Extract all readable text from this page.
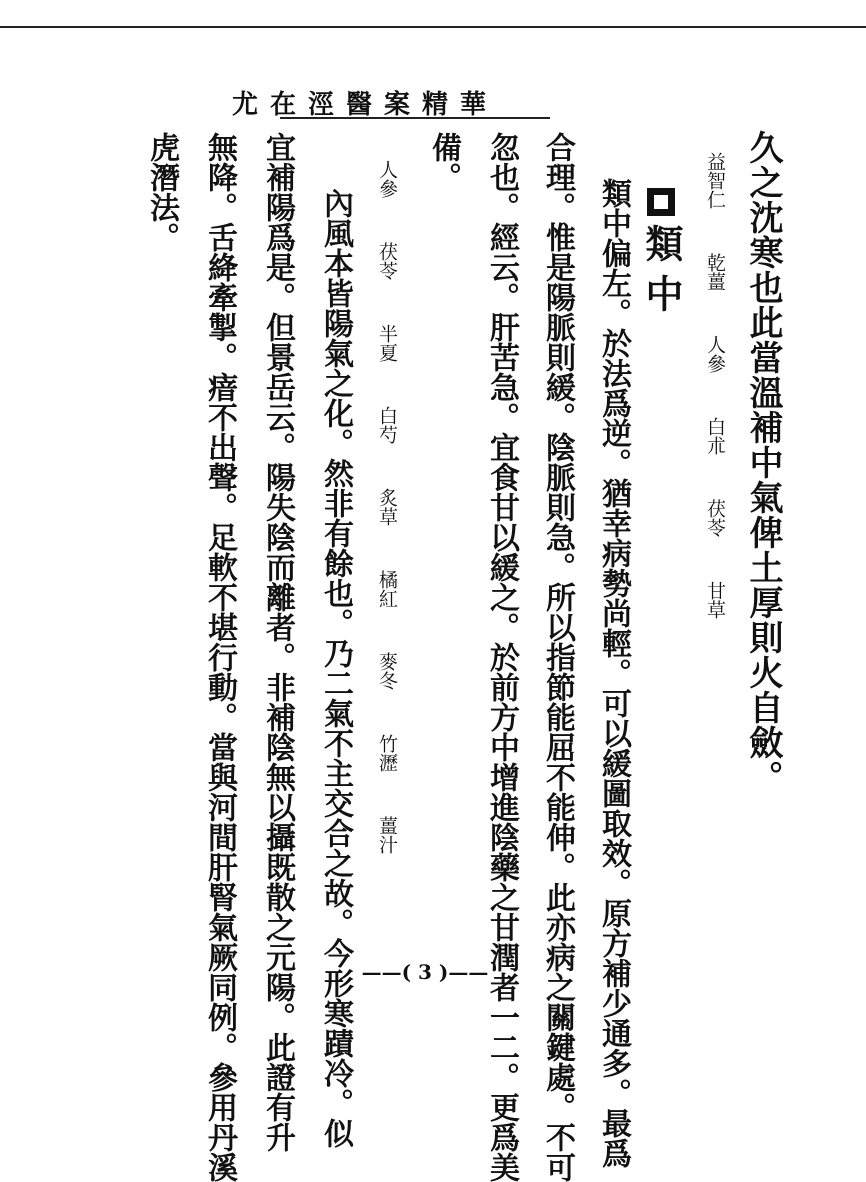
尤在涇醫案精華
久之沈寒也此當溫補中氣俾土厚則火自斂。
益智仁 乾薑 人參 白朮 茯苓 甘草
類中
類中偏左。於法爲逆。猶幸病勢尚輕。可以緩圖取效。原方補少通多。最爲
合理。惟是陽脈則緩。陰脈則急。所以指節能屈不能伸。此亦病之關鍵處。不可
忽也。經云。肝苦急。宜食甘以緩之。於前方中增進陰藥之甘潤者一二。更爲美
備。
人參 茯苓 半夏 白芍 炙草 橘紅 麥冬 竹瀝 薑汁
內風本皆陽氣之化。然非有餘也。乃二氣不主交合之故。今形寒蹟冷。似
宜補陽爲是。但景岳云。陽失陰而離者。非補陰無以攝既散之元陽。此證有升
無降。舌絳牽掣。瘖不出聲。足軟不堪行動。當與河間肝腎氣厥同例。參用丹溪
虎潛法。
——( 3 )——
